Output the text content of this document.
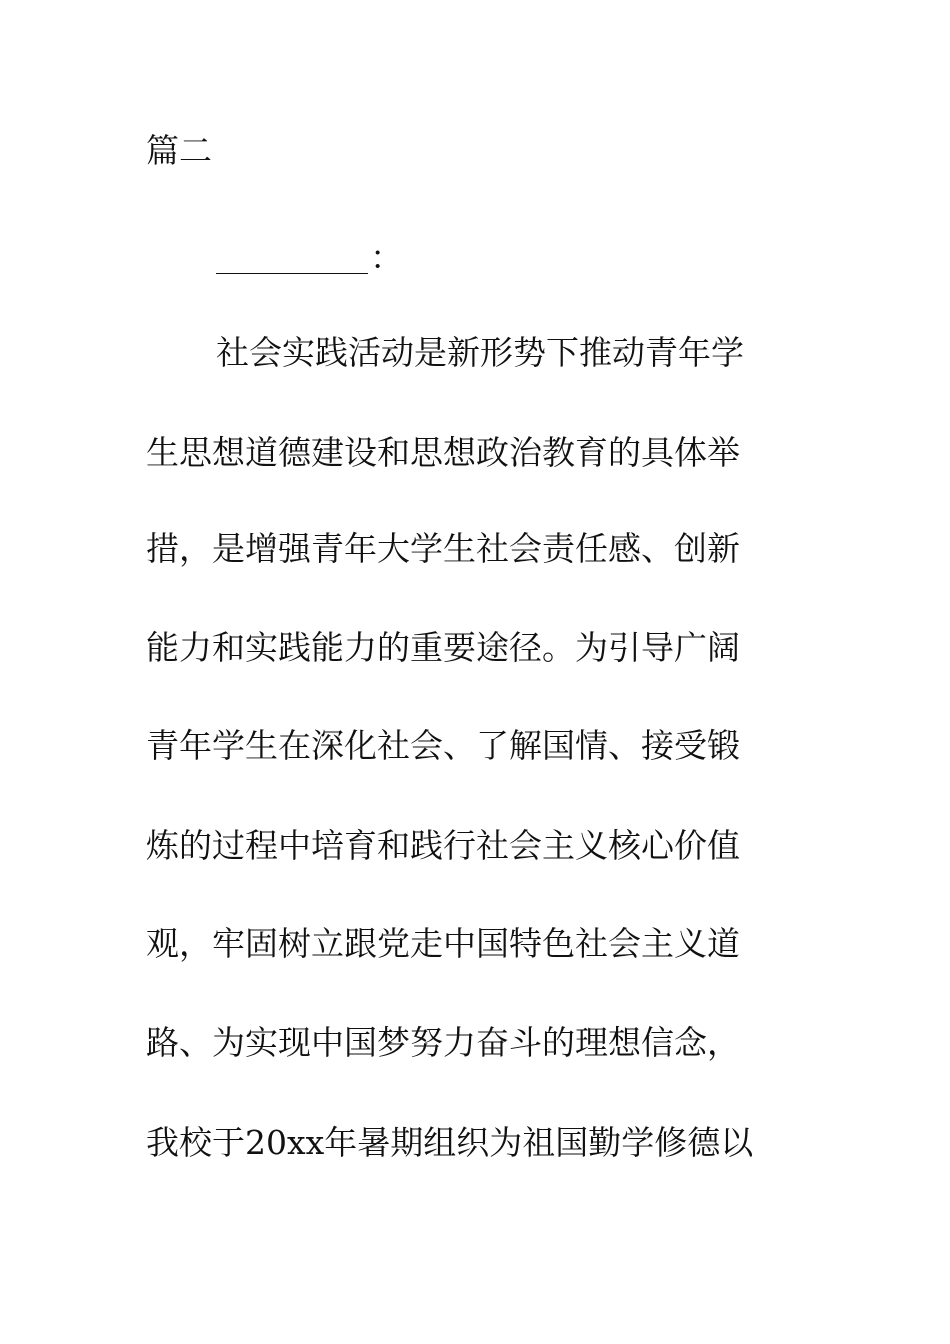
篇二
：
社会实践活动是新形势下推动青年学
生思想道德建设和思想政治教育的具体举
措，是增强青年大学生社会责任感、创新
能力和实践能力的重要途径。为引导广阔
青年学生在深化社会、了解国情、接受锻
炼的过程中培育和践行社会主义核心价值
观，牢固树立跟党走中国特色社会主义道
路、为实现中国梦努力奋斗的理想信念，
我校于20xx年暑期组织为祖国勤学修德以
